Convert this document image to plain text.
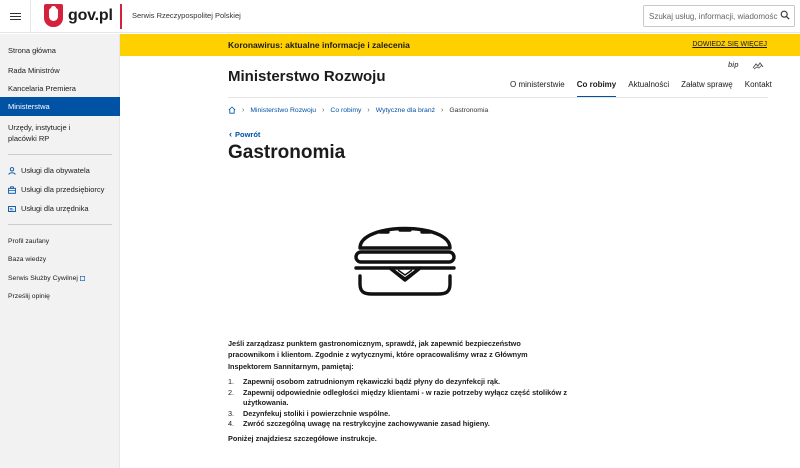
gov.pl	Serwis Rzeczypospolitej Polskiej
Szukaj usług, informacji, wiadomości
Strona główna
Rada Ministrów
Kancelaria Premiera
Ministerstwa
Urzędy, instytucje i placówki RP
Usługi dla obywatela
Usługi dla przedsiębiorcy
Usługi dla urzędnika
Profil zaufany
Baza wiedzy
Serwis Służby Cywilnej
Prześlij opinię
Koronawirus: aktualne informacje i zalecenia	DOWIEDZ SIĘ WIĘCEJ
Ministerstwo Rozwoju
bip
O ministerstwie Co robimy Aktualności Załatw sprawę Kontakt
› Ministerstwo Rozwoju › Co robimy › Wytyczne dla branż › Gastronomia
‹ Powrót
Gastronomia
Jeśli zarządzasz punktem gastronomicznym, sprawdź, jak zapewnić bezpieczeństwo pracownikom i klientom. Zgodnie z wytycznymi, które opracowaliśmy wraz z Głównym Inspektorem Sannitarnym, pamiętaj:
1.	Zapewnij osobom zatrudnionym rękawiczki bądź płyny do dezynfekcji rąk.
2.	Zapewnij odpowiednie odległości między klientami - w razie potrzeby wyłącz część stolików z użytkowania.
3.	Dezynfekuj stoliki i powierzchnie wspólne.
4.	Zwróć szczególną uwagę na restrykcyjne zachowywanie zasad higieny.
Poniżej znajdziesz szczegółowe instrukcje.
